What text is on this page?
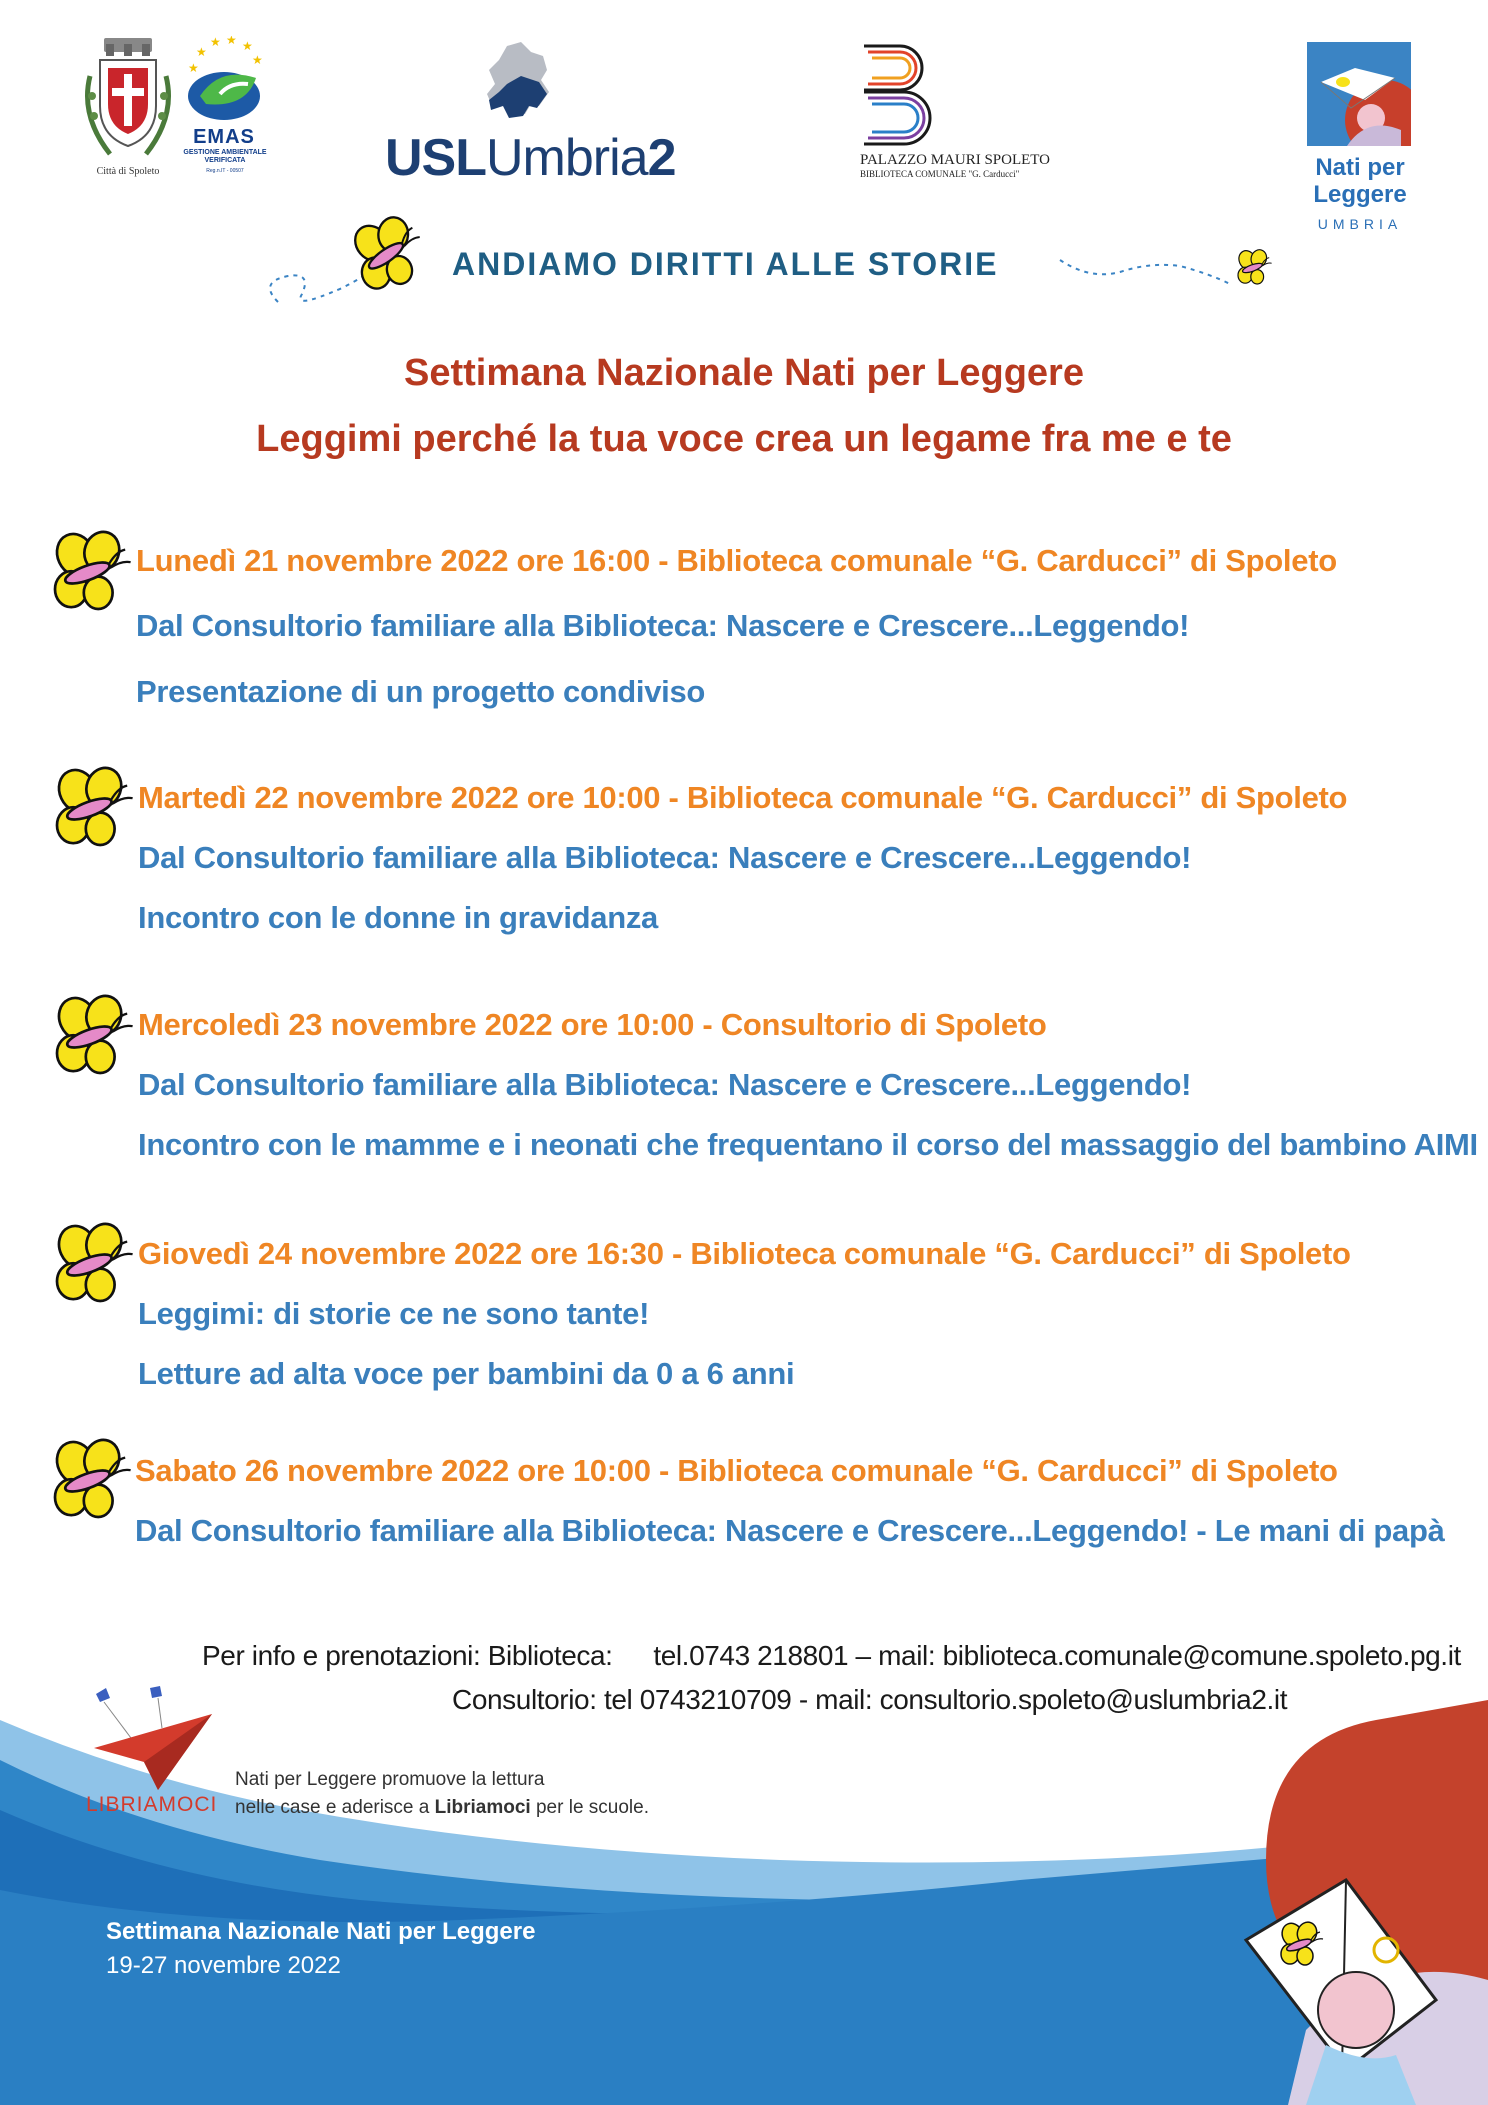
Città di Spoleto
★
★
★ ★ ★
★
EMAS
GESTIONE AMBIENTALE
VERIFICATA
Reg.n.IT - 00507	USLUmbria2	PALAZZO MAURI SPOLETO
BIBLIOTECA COMUNALE "G. Carducci"	Nati per
Leggere
UMBRIA
ANDIAMO DIRITTI ALLE STORIE
Settimana Nazionale Nati per Leggere
Leggimi perché la tua voce crea un legame fra me e te
Lunedì 21 novembre 2022 ore 16:00 - Biblioteca comunale “G. Carducci” di Spoleto
Dal Consultorio familiare alla Biblioteca: Nascere e Crescere...Leggendo!
Presentazione di un progetto condiviso
Martedì 22 novembre 2022 ore 10:00 - Biblioteca comunale “G. Carducci” di Spoleto
Dal Consultorio familiare alla Biblioteca: Nascere e Crescere...Leggendo!
Incontro con le donne in gravidanza
Mercoledì 23 novembre 2022 ore 10:00 - Consultorio di Spoleto
Dal Consultorio familiare alla Biblioteca: Nascere e Crescere...Leggendo!
Incontro con le mamme e i neonati che frequentano il corso del massaggio del bambino AIMI
Giovedì 24 novembre 2022 ore 16:30 - Biblioteca comunale “G. Carducci” di Spoleto
Leggimi: di storie ce ne sono tante!
Letture ad alta voce per bambini da 0 a 6 anni
Sabato 26 novembre 2022 ore 10:00 - Biblioteca comunale “G. Carducci” di Spoleto
Dal Consultorio familiare alla Biblioteca: Nascere e Crescere...Leggendo! - Le mani di papà
Per info e prenotazioni: Biblioteca: tel.0743 218801 – mail: biblioteca.comunale@comune.spoleto.pg.it
Consultorio: tel 0743210709 - mail: consultorio.spoleto@uslumbria2.it
LIBRIAMOCI
Nati per Leggere promuove la lettura
nelle case e aderisce a Libriamoci per le scuole.
Settimana Nazionale Nati per Leggere
19-27 novembre 2022
